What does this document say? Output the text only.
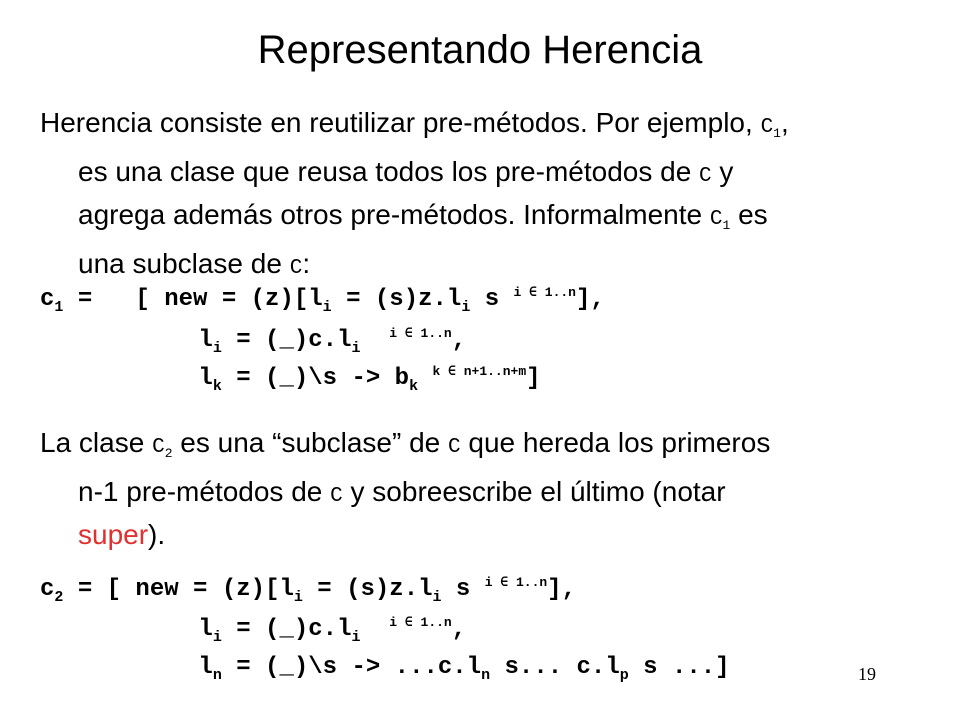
Representando Herencia
Herencia consiste en reutilizar pre-métodos. Por ejemplo, $C_1$,
es una clase que reusa todos los pre-métodos de C y
agrega además otros pre-métodos. Informalmente $C_1$ es
una subclase de C:
$c_1$ =   [ new = $(z)[l_i = (s)z.l_i$ s $^{i \in 1..n}$],
$l_i$ = $(\_)c.l_i$  $^{i \in 1..n}$,
$l_k$ = (_)\s -> $b_k$ $^{k \in n+1..n+m}$]
La clase $C_2$ es una “subclase” de C que hereda los primeros
n-1 pre-métodos de C y sobreescribe el último (notar
super).
$c_2$ = [ new = $(z)[l_i = (s)z.l_i$ s $^{i \in 1..n}$],
$l_i$ = $(\_)c.l_i$  $^{i \in 1..n}$,
$l_n$ = (_)\s -> $...c.l_n$ s... $c.l_p$ s ...]	19
